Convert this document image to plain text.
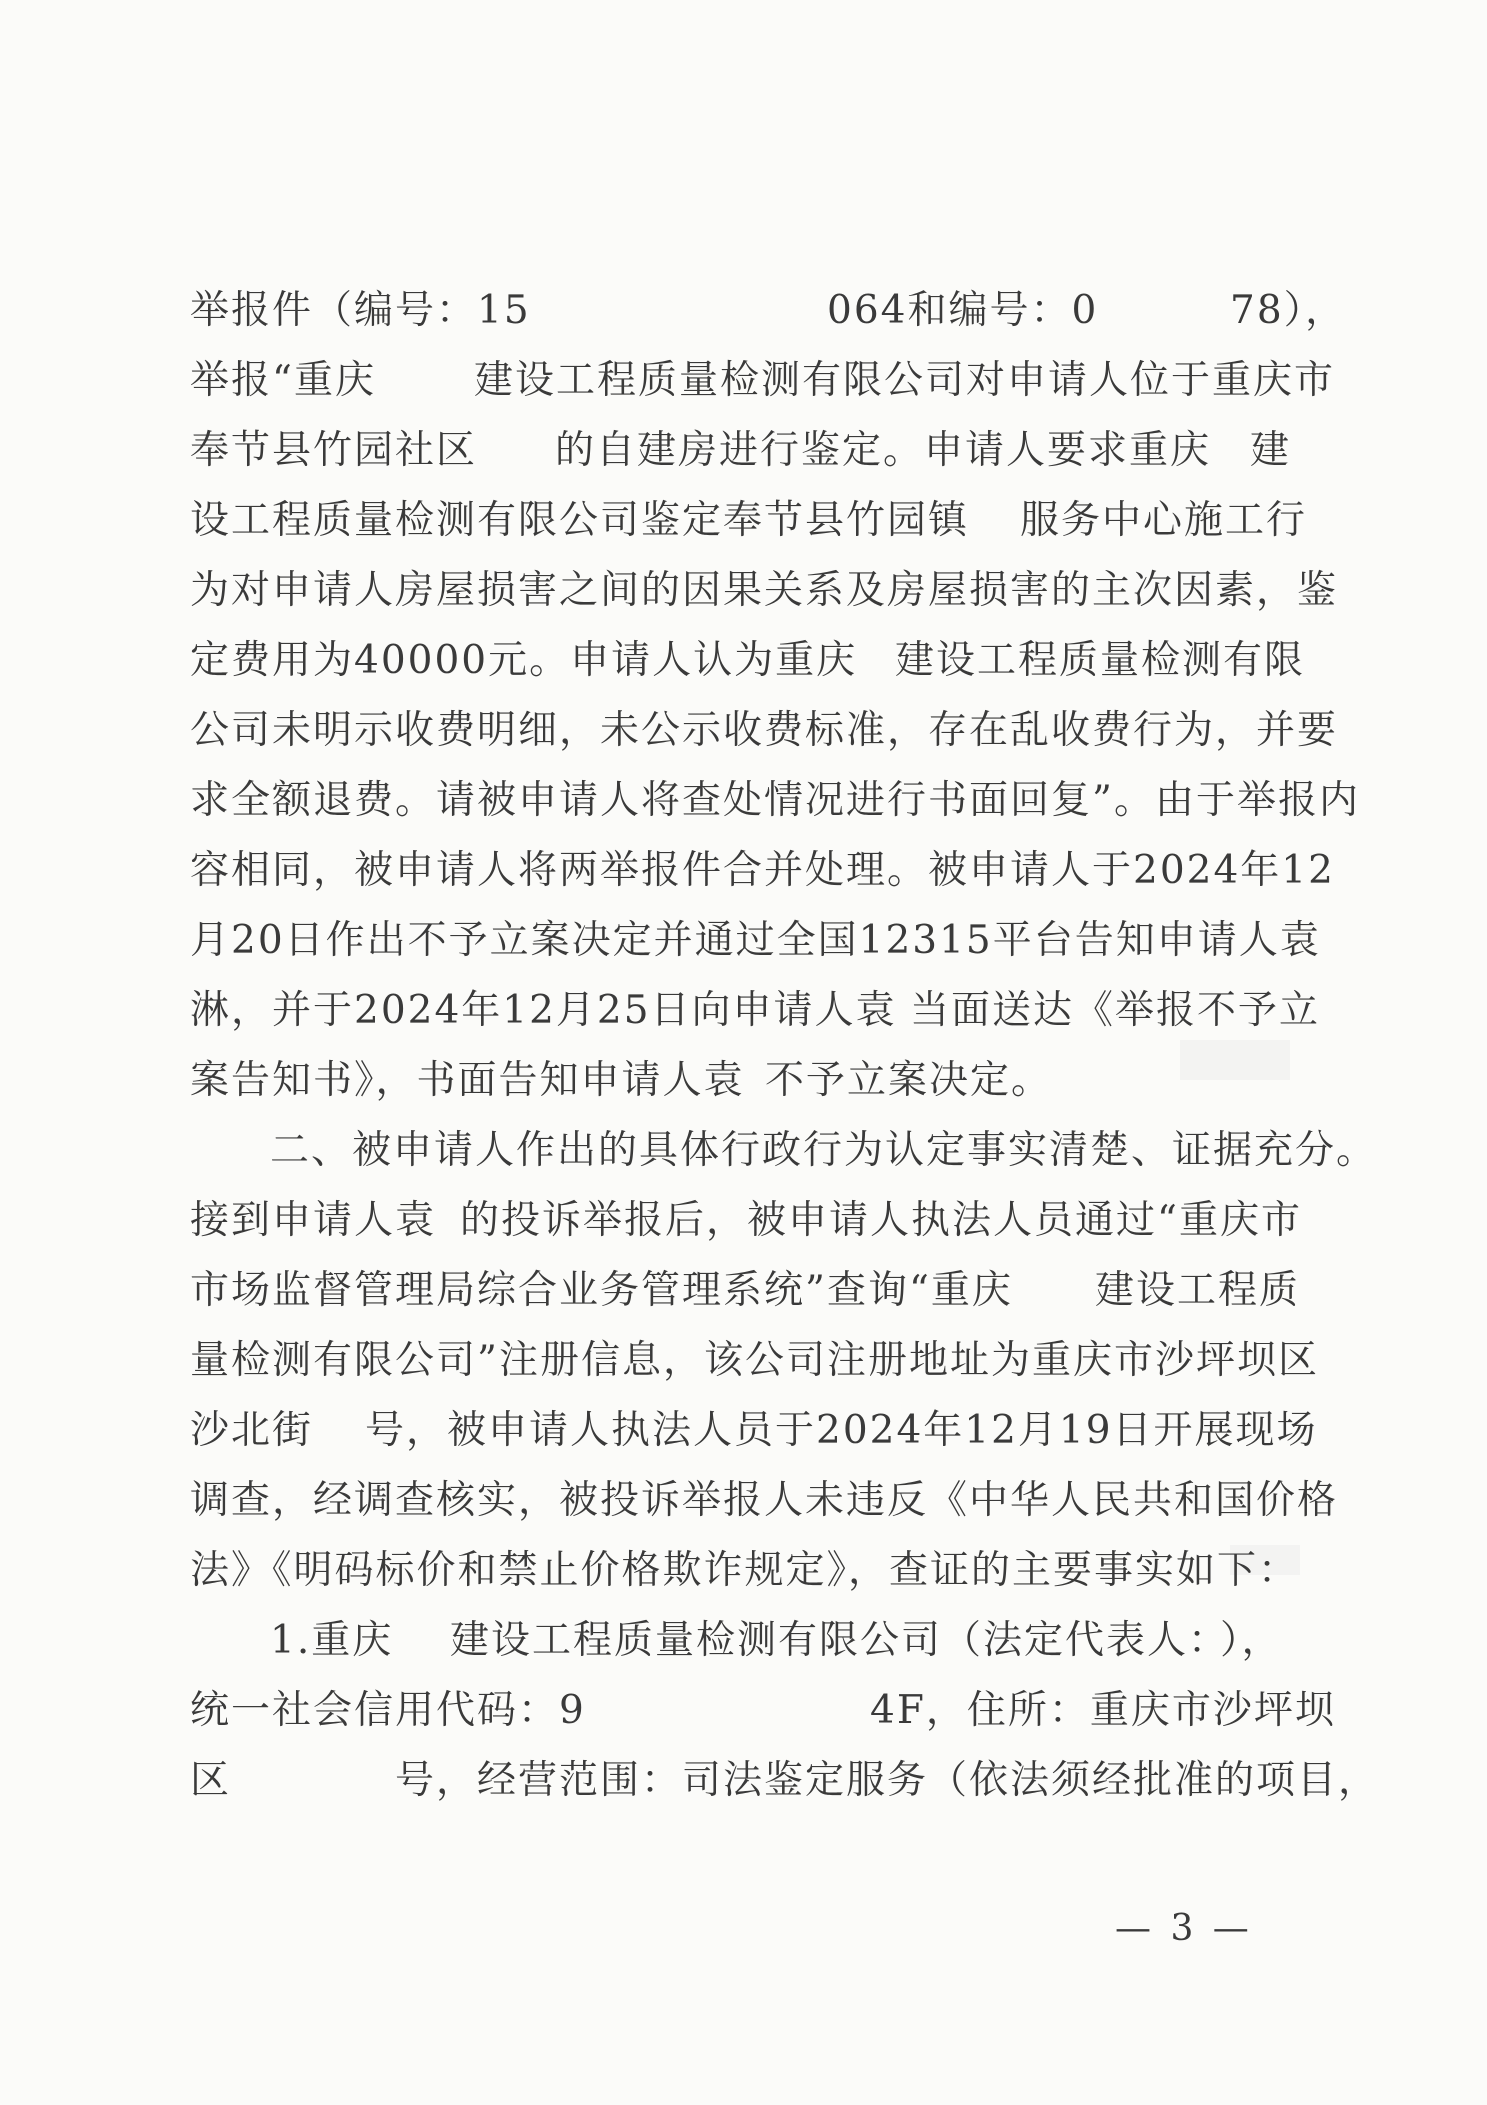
举报件（编号：15	064和编号：0	78），
举报“重庆	建设工程质量检测有限公司对申请人位于重庆市
奉节县竹园社区 的自建房进行鉴定。申请人要求重庆 建
设工程质量检测有限公司鉴定奉节县竹园镇 服务中心施工行
为对申请人房屋损害之间的因果关系及房屋损害的主次因素，鉴
定费用为40000元。申请人认为重庆 建设工程质量检测有限
公司未明示收费明细，未公示收费标准，存在乱收费行为，并要
求全额退费。请被申请人将查处情况进行书面回复”。由于举报内
容相同，被申请人将两举报件合并处理。被申请人于2024年12
月20日作出不予立案决定并通过全国12315平台告知申请人袁
淋，并于2024年12月25日向申请人袁 当面送达《举报不予立
案告知书》，书面告知申请人袁 不予立案决定。
二、被申请人作出的具体行政行为认定事实清楚、证据充分。
接到申请人袁 的投诉举报后，被申请人执法人员通过“重庆市
市场监督管理局综合业务管理系统”查询“重庆 建设工程质
量检测有限公司”注册信息，该公司注册地址为重庆市沙坪坝区
沙北街 号，被申请人执法人员于2024年12月19日开展现场
调查，经调查核实，被投诉举报人未违反《中华人民共和国价格
法》《明码标价和禁止价格欺诈规定》，查证的主要事实如下：
1.重庆 建设工程质量检测有限公司（法定代表人：
），
统一社会信用代码：9	4F，住所：重庆市沙坪坝
区	号，经营范围：司法鉴定服务（依法须经批准的项目，
— 3 —
